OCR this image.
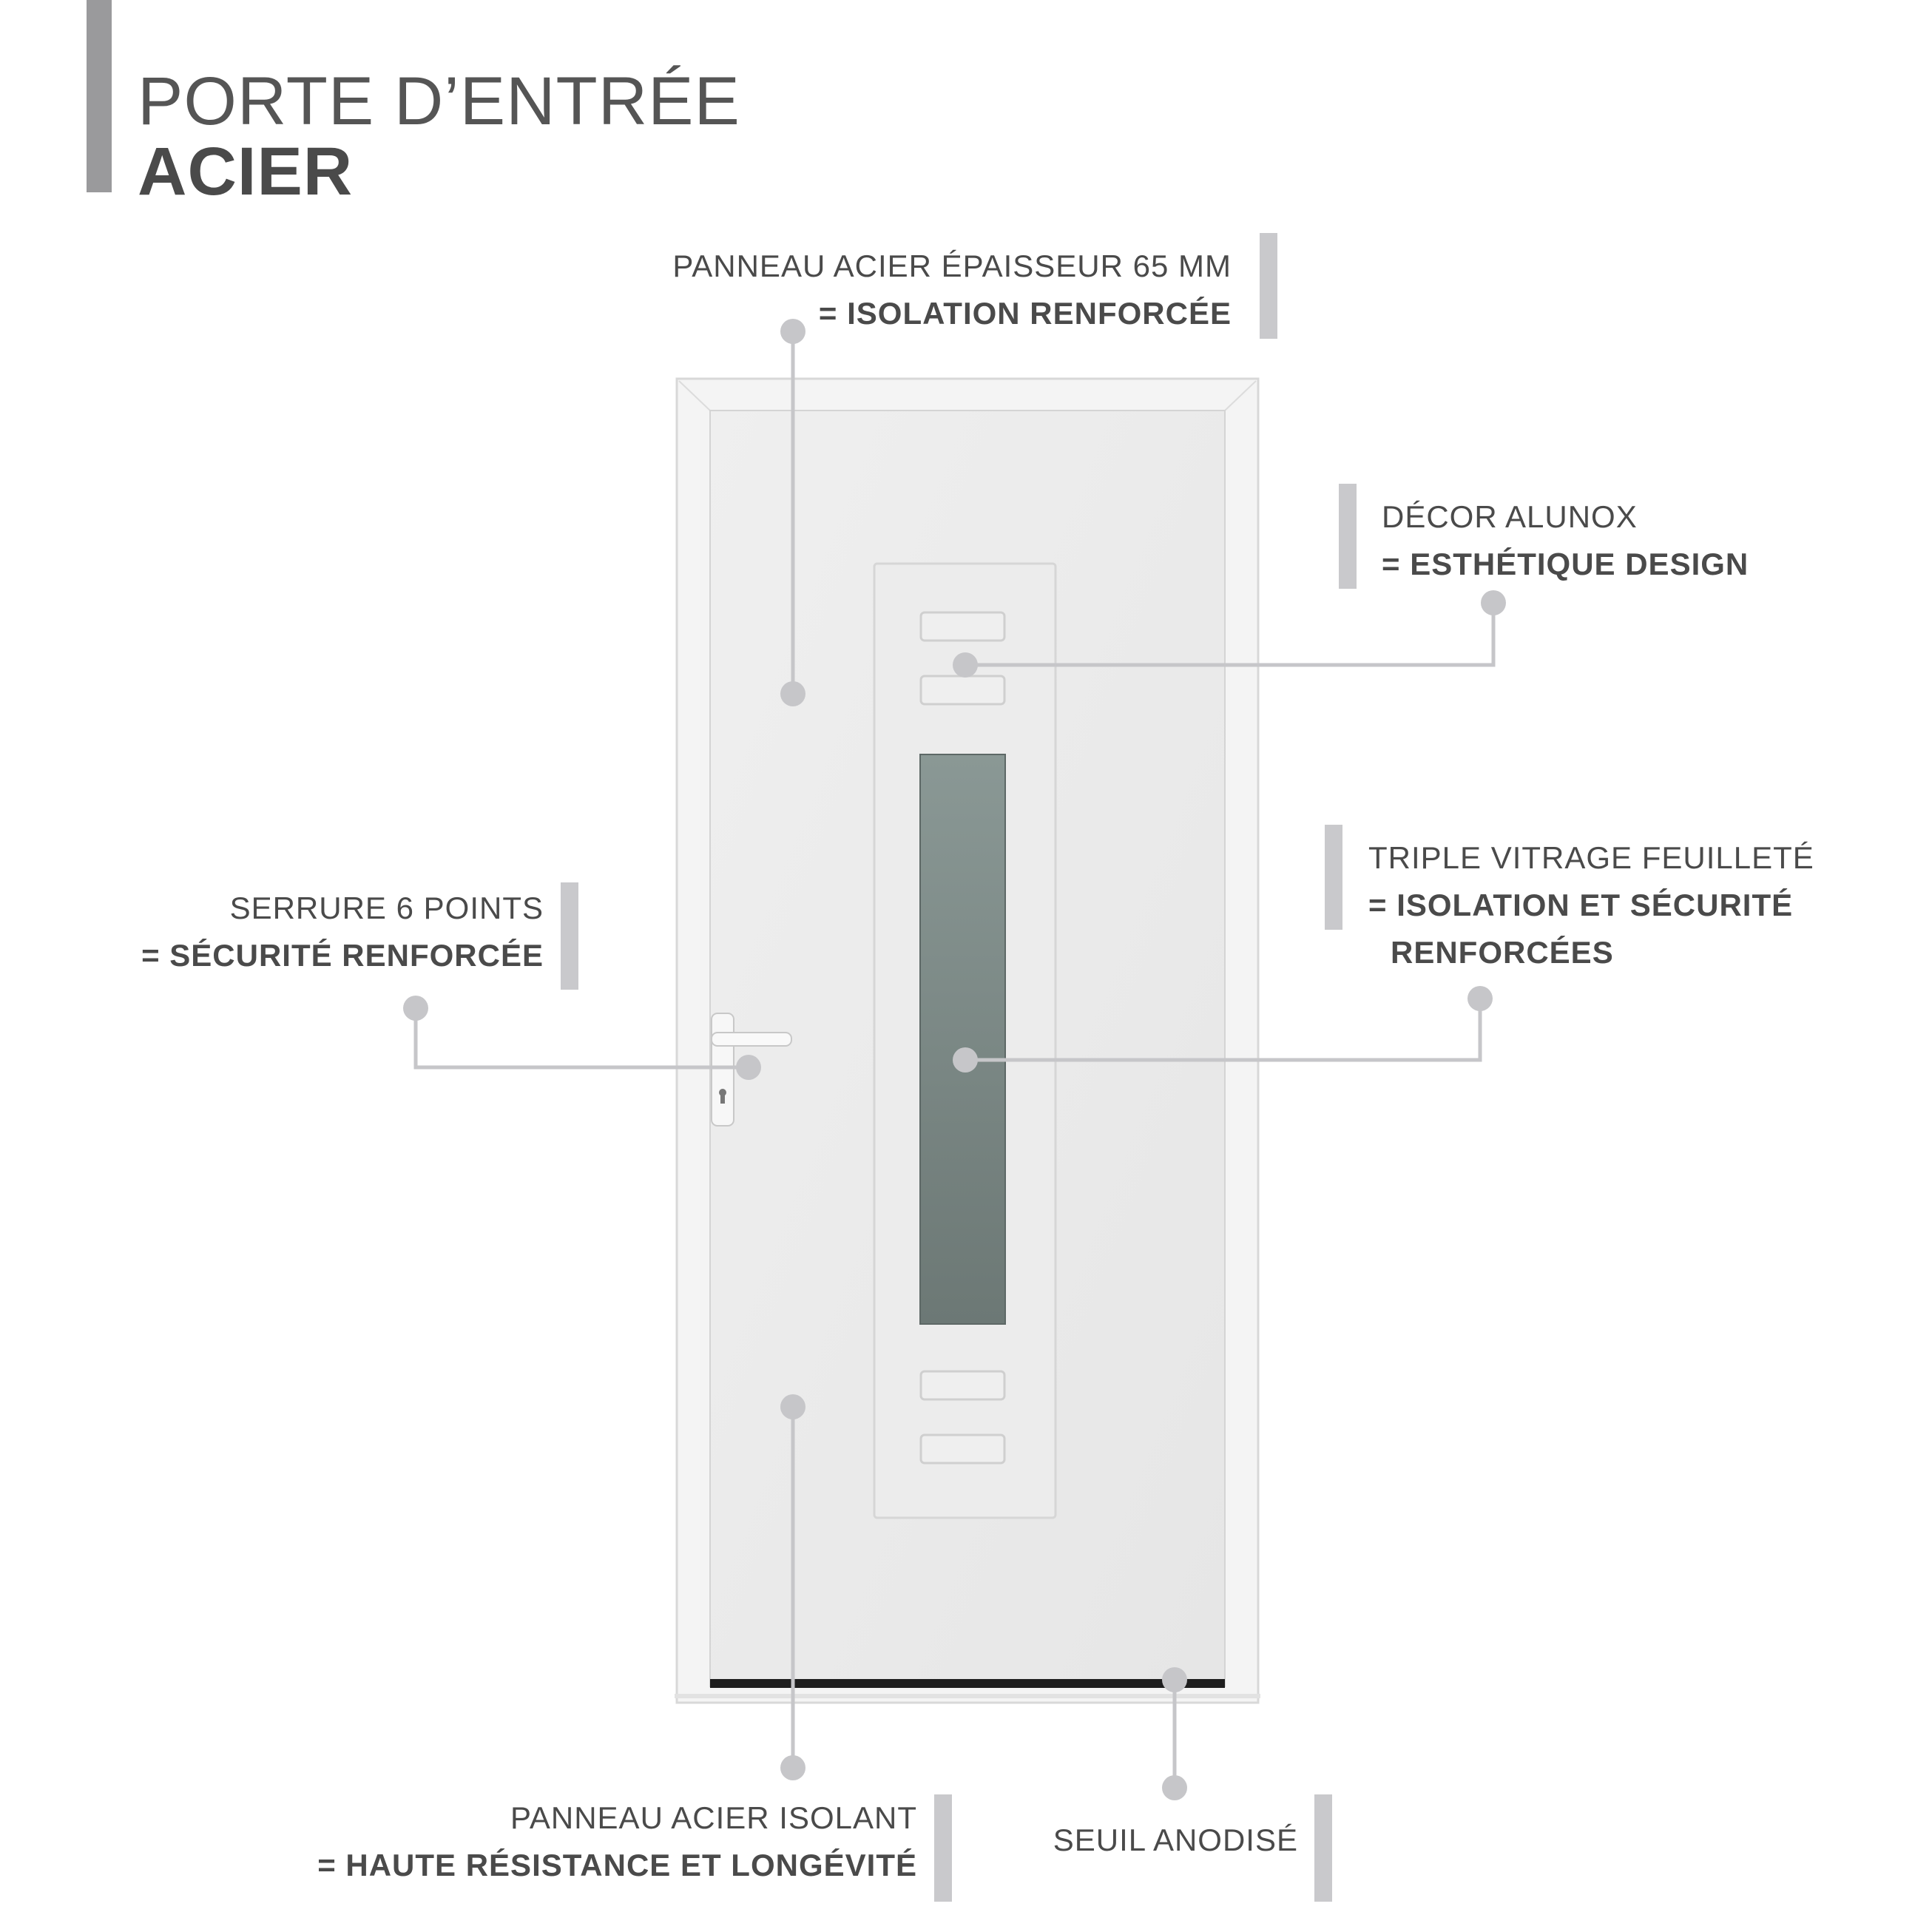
PORTE D’ENTRÉE
ACIER
PANNEAU ACIER ÉPAISSEUR 65 MM
= ISOLATION RENFORCÉE
DÉCOR ALUNOX
= ESTHÉTIQUE DESIGN
TRIPLE VITRAGE FEUILLETÉ
= ISOLATION ET SÉCURITÉ
RENFORCÉES
SERRURE 6 POINTS
= SÉCURITÉ RENFORCÉE
PANNEAU ACIER ISOLANT
= HAUTE RÉSISTANCE ET LONGÉVITÉ
SEUIL ANODISÉ
